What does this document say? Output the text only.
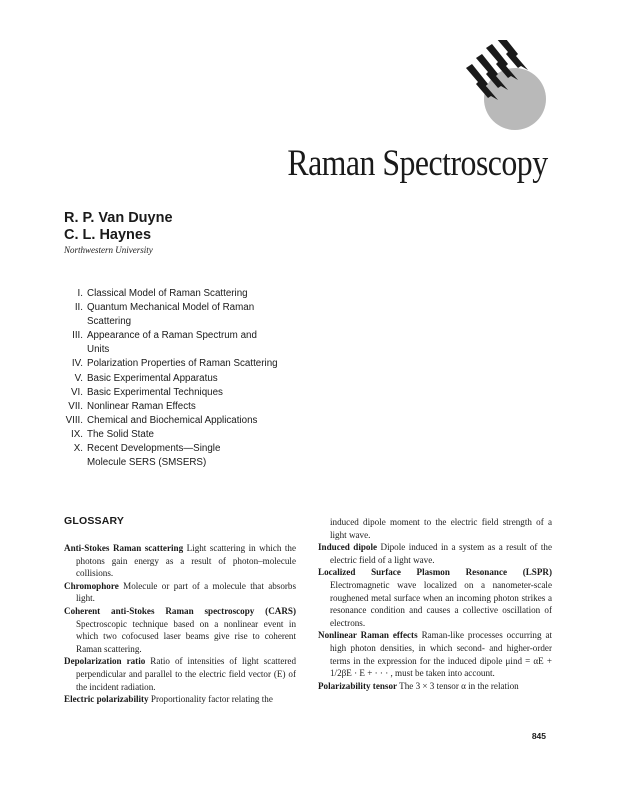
Raman Spectroscopy
R. P. Van Duyne
C. L. Haynes
Northwestern University
I. Classical Model of Raman Scattering
II. Quantum Mechanical Model of Raman Scattering
III. Appearance of a Raman Spectrum and Units
IV. Polarization Properties of Raman Scattering
V. Basic Experimental Apparatus
VI. Basic Experimental Techniques
VII. Nonlinear Raman Effects
VIII. Chemical and Biochemical Applications
IX. The Solid State
X. Recent Developments—Single Molecule SERS (SMSERS)
GLOSSARY
Anti-Stokes Raman scattering Light scattering in which the photons gain energy as a result of photon–molecule collisions.
Chromophore Molecule or part of a molecule that absorbs light.
Coherent anti-Stokes Raman spectroscopy (CARS) Spectroscopic technique based on a nonlinear event in which two cofocused laser beams give rise to coherent Raman scattering.
Depolarization ratio Ratio of intensities of light scattered perpendicular and parallel to the electric field vector (E) of the incident radiation.
Electric polarizability Proportionality factor relating the
induced dipole moment to the electric field strength of a light wave.
Induced dipole Dipole induced in a system as a result of the electric field of a light wave.
Localized Surface Plasmon Resonance (LSPR) Electromagnetic wave localized on a nanometer-scale roughened metal surface when an incoming photon strikes a resonance condition and causes a collective oscillation of electrons.
Nonlinear Raman effects Raman-like processes occurring at high photon densities, in which second- and higher-order terms in the expression for the induced dipole μind = αE + 1/2βE · E + · · · , must be taken into account.
Polarizability tensor The 3 × 3 tensor α in the relation
845
